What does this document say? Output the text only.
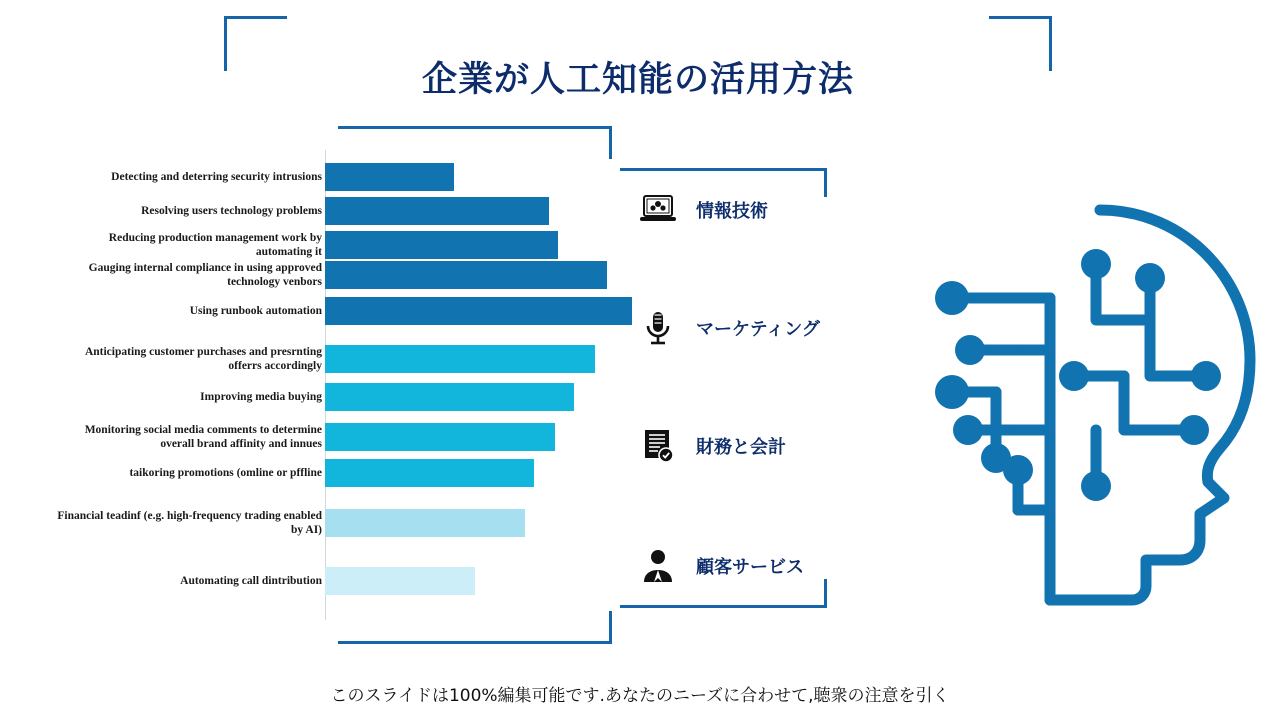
企業が人工知能の活用方法
Detecting and deterring security intrusions
Resolving users technology problems
Reducing production management work by automating it
Gauging internal compliance in using approved technology venbors
Using runbook automation
Anticipating customer purchases and presrnting offerrs accordingly
Improving media buying
Monitoring social media comments to determine overall brand affinity and innues
taikoring promotions (omline or pffline
Financial teadinf (e.g. high-frequency trading enabled by AI)
Automating call dintribution
情報技術
マーケティング
財務と会計
顧客サービス
このスライドは100%編集可能です.あなたのニーズに合わせて,聴衆の注意を引く
